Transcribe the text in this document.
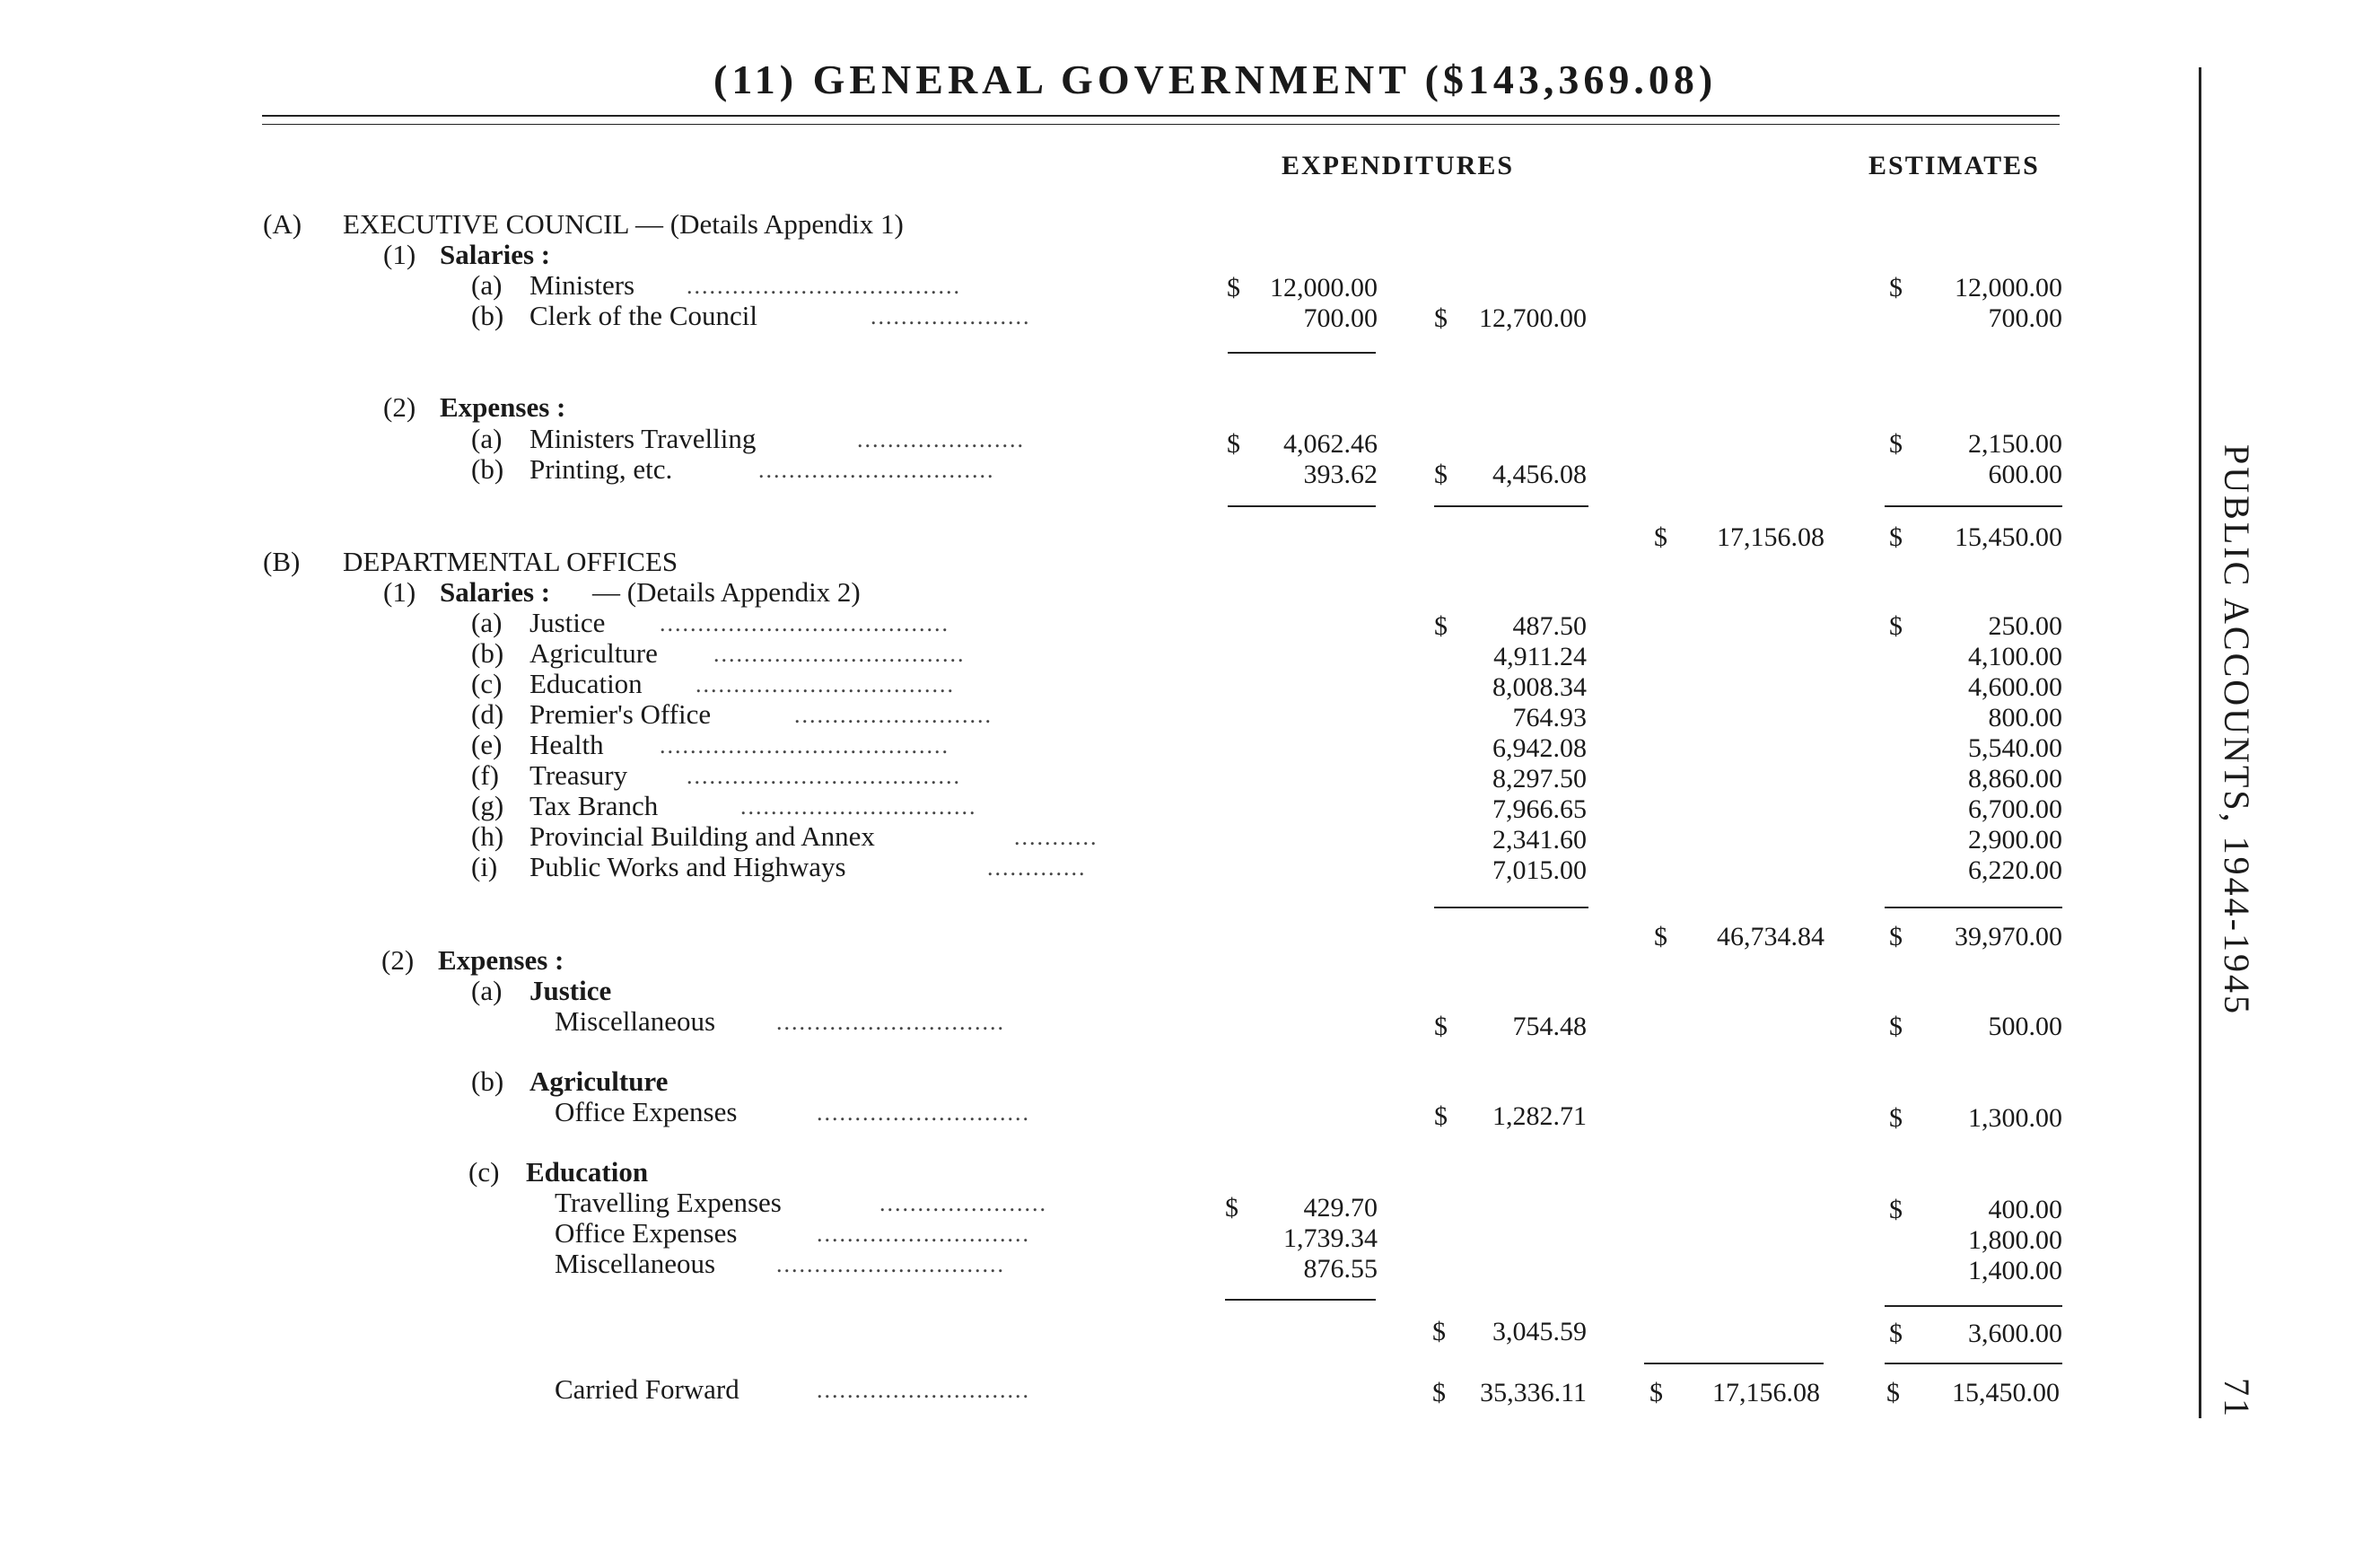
(11) GENERAL GOVERNMENT ($143,369.08)
EXPENDITURES	ESTIMATES
PUBLIC ACCOUNTS, 1944-1945
71
(A) EXECUTIVE COUNCIL — (Details Appendix 1)
(1) Salaries :
(a) Ministers ....................................	$	12,000.00	$	12,000.00
(b) Clerk of the Council	.....................	700.00 $	12,700.00	700.00
(2) Expenses :
(a) Ministers Travelling	......................	$	4,062.46	$	2,150.00
(b) Printing, etc.	...............................	393.62 $	4,456.08	600.00
$	17,156.08 $	15,450.00
(B) DEPARTMENTAL OFFICES
(1) Salaries : — (Details Appendix 2)
(a) Justice ......................................	$	487.50	$	250.00
(b) Agriculture .................................	4,911.24	4,100.00
(c) Education ..................................	8,008.34	4,600.00
(d) Premier's Office	..........................	764.93	800.00
(e) Health ......................................	6,942.08	5,540.00
(f) Treasury	....................................	8,297.50	8,860.00
(g) Tax Branch	...............................	7,966.65	6,700.00
(h) Provincial Building and Annex	...........	2,341.60	2,900.00
(i) Public Works and Highways	.............	7,015.00	6,220.00
$	46,734.84 $	39,970.00
(2) Expenses :
(a) Justice
Miscellaneous	..............................	$	754.48	$	500.00
(b) Agriculture
Office Expenses	............................	$	1,282.71	$	1,300.00
(c) Education
Travelling Expenses	......................	$	429.70	$	400.00
Office Expenses	............................	1,739.34	1,800.00
Miscellaneous	..............................	876.55	1,400.00
$	3,045.59	$	3,600.00
Carried Forward	............................	$	35,336.11 $	17,156.08 $	15,450.00
